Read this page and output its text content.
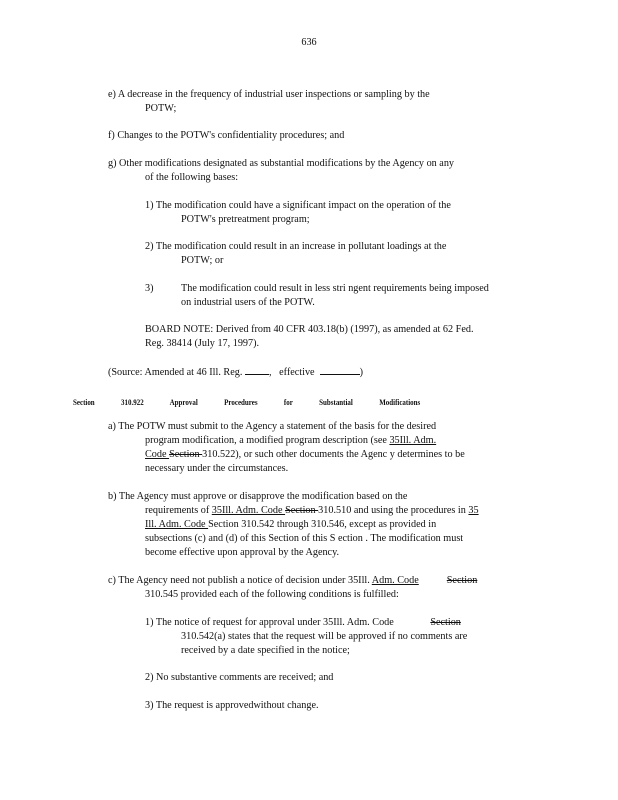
636
e) A decrease in the frequency of industrial user inspections or sampling by the
POTW;
f) Changes to the POTW's confidentiality procedures; and
g) Other modifications designated as substantial modifications by the Agency on any
of the following bases:
1) The modification could have a significant impact on the operation of the
POTW's pretreatment program;
2) The modification could result in an increase in pollutant loadings at the
POTW; or
3)	The modification could result in less stri ngent requirements being imposed
on industrial users of the POTW.
BOARD NOTE: Derived from 40 CFR 403.18(b) (1997), as amended at 62 Fed.
Reg. 38414 (July 17, 1997).
(Source: Amended at 46 Ill. Reg.	, effective	)
Section	310.922	Approval	Procedures	for	Substantial	Modifications
a) The POTW must submit to the Agency a statement of the basis for the desired
program modification, a modified program description (see 35Ill. Adm.
Code Section 310.522), or such other documents the Agenc y determines to be
necessary under the circumstances.
b) The Agency must approve or disapprove the modification based on the
requirements of 35Ill. Adm. Code Section 310.510 and using the procedures in 35
Ill. Adm. Code Section 310.542 through 310.546, except as provided in
subsections (c) and (d) of this Section of this S ection . The modification must
become effective upon approval by the Agency.
c) The Agency need not publish a notice of decision under 35Ill. Adm. Code	Section
310.545 provided each of the following conditions is fulfilled:
1) The notice of request for approval under 35Ill. Adm. Code	Section
310.542(a) states that the request will be approved if no comments are
received by a date specified in the notice;
2) No substantive comments are received; and
3) The request is approvedwithout change.
